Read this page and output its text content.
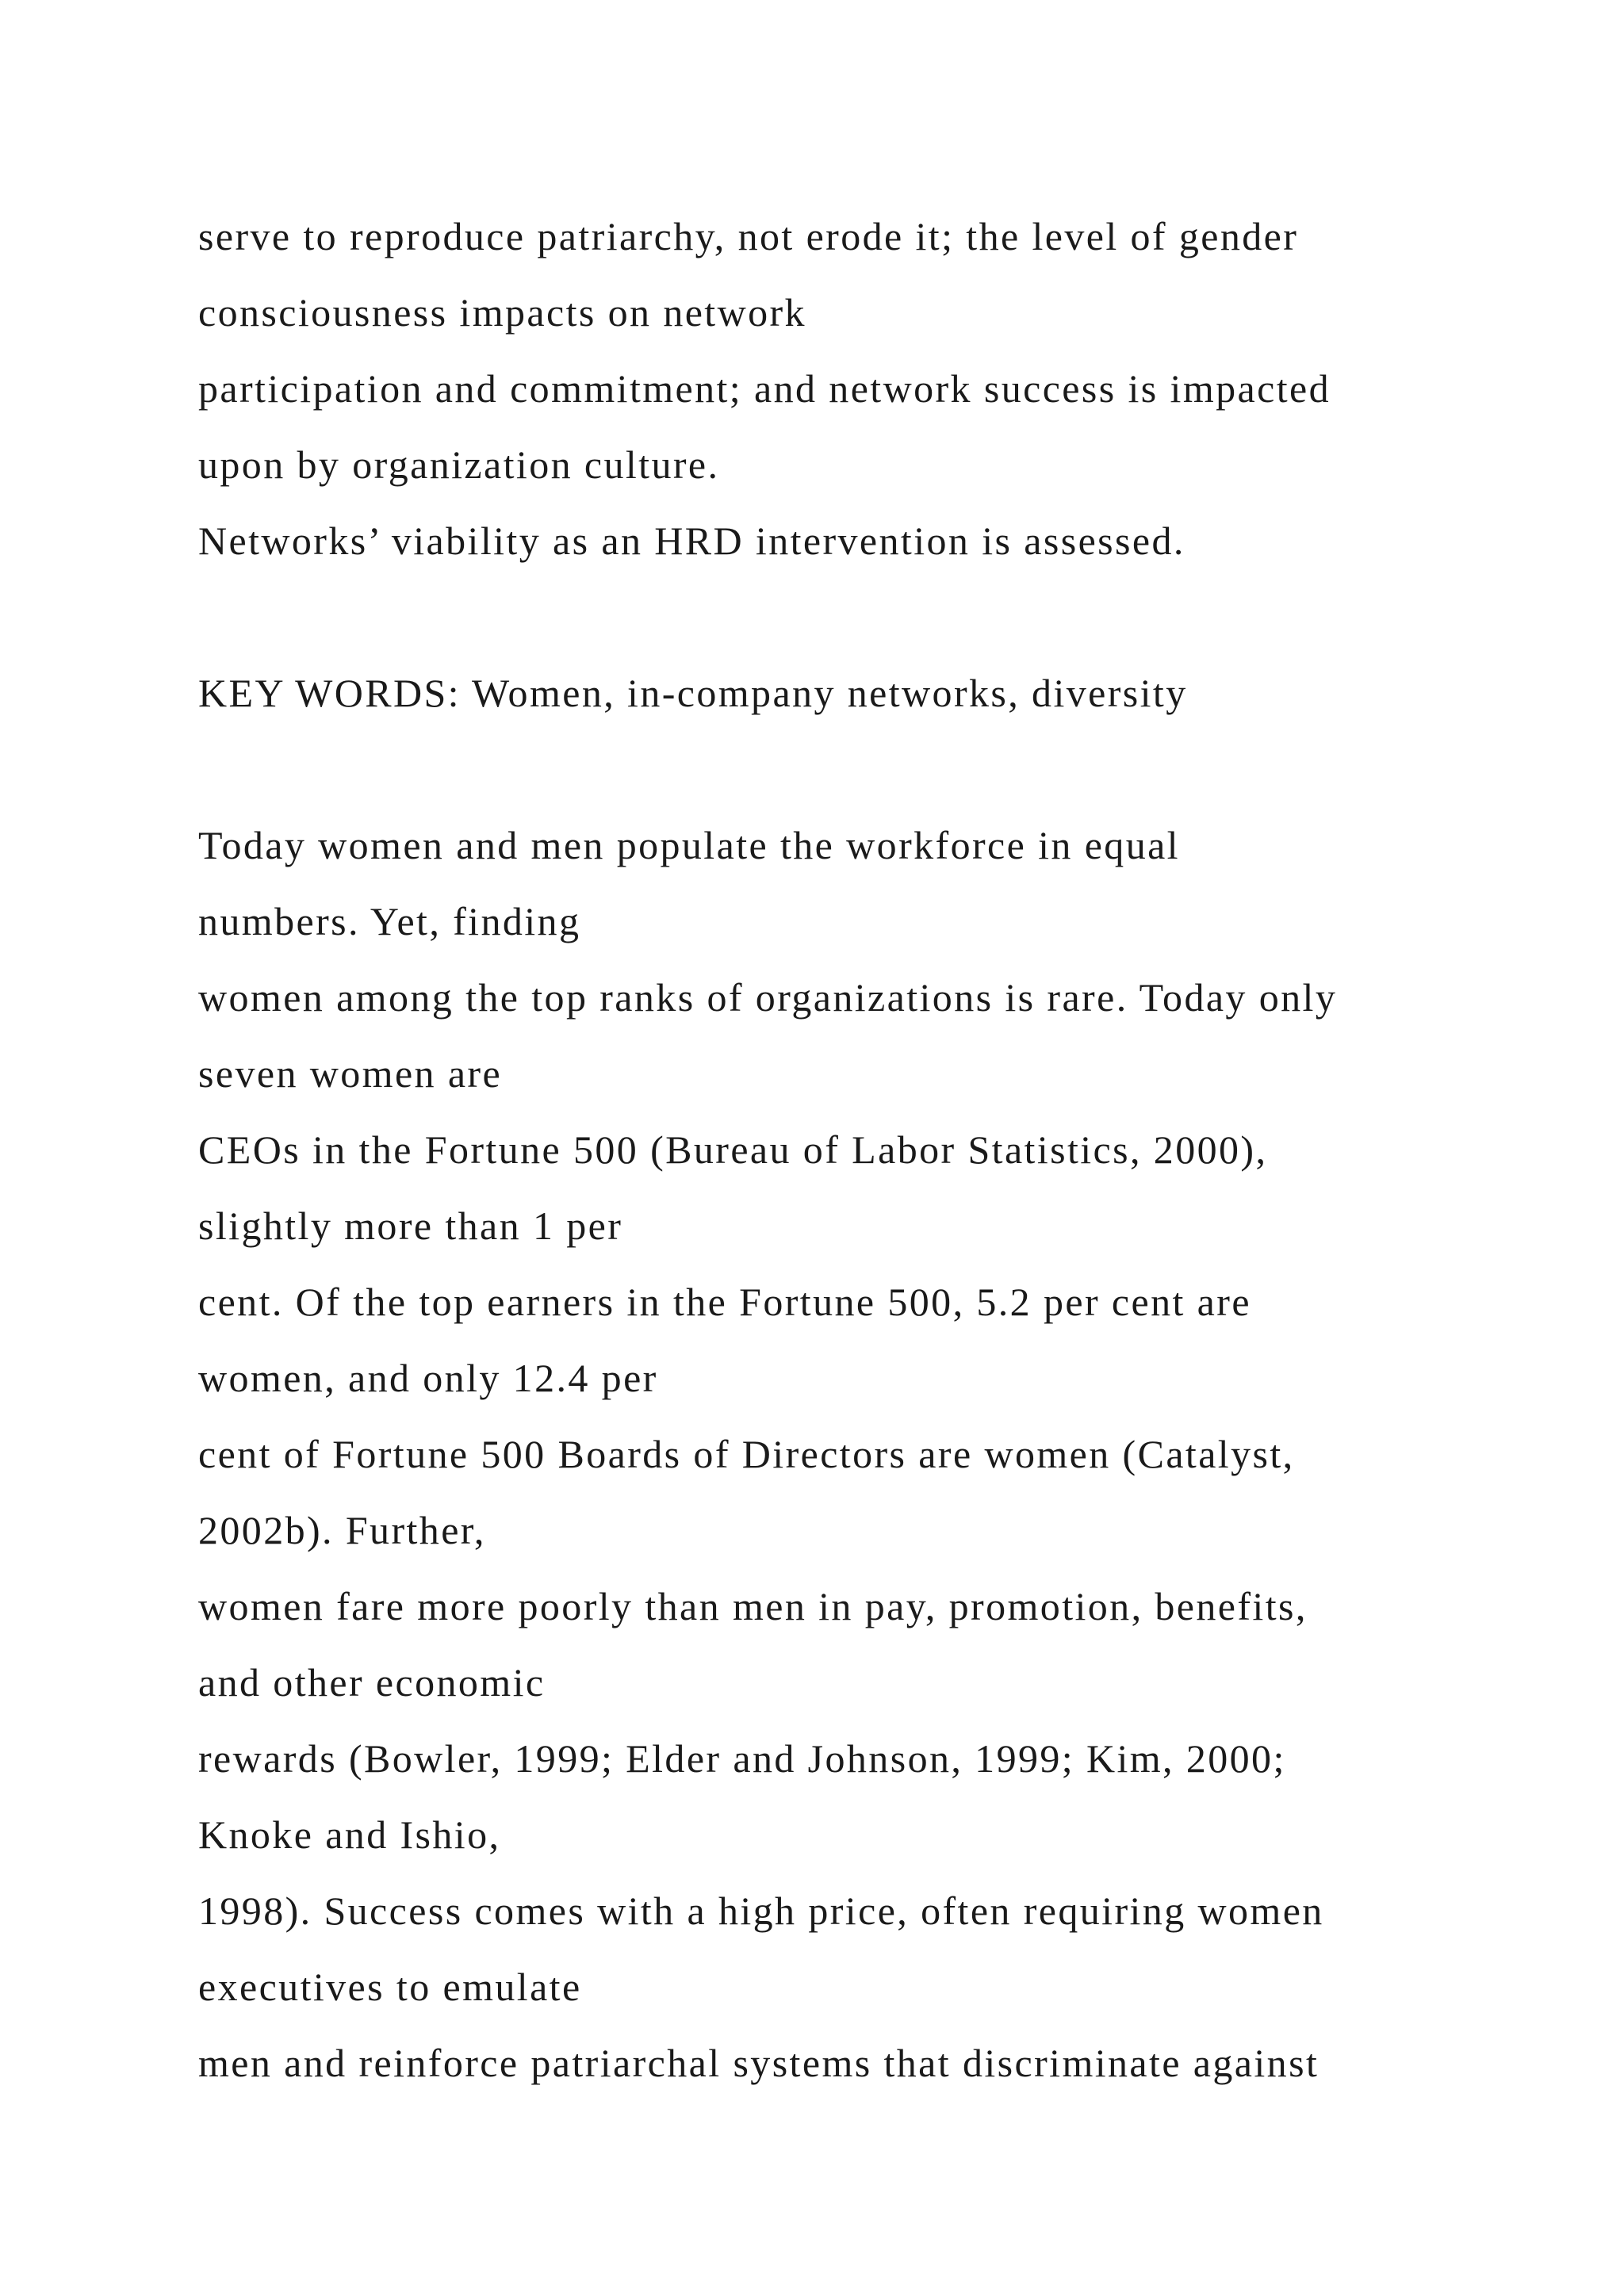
serve to reproduce patriarchy, not erode it; the level of gender
consciousness impacts on network
participation and commitment; and network success is impacted
upon by organization culture.
Networks’ viability as an HRD intervention is assessed.
KEY WORDS: Women, in-company networks, diversity
Today women and men populate the workforce in equal
numbers. Yet, finding
women among the top ranks of organizations is rare. Today only
seven women are
CEOs in the Fortune 500 (Bureau of Labor Statistics, 2000),
slightly more than 1 per
cent. Of the top earners in the Fortune 500, 5.2 per cent are
women, and only 12.4 per
cent of Fortune 500 Boards of Directors are women (Catalyst,
2002b). Further,
women fare more poorly than men in pay, promotion, benefits,
and other economic
rewards (Bowler, 1999; Elder and Johnson, 1999; Kim, 2000;
Knoke and Ishio,
1998). Success comes with a high price, often requiring women
executives to emulate
men and reinforce patriarchal systems that discriminate against
